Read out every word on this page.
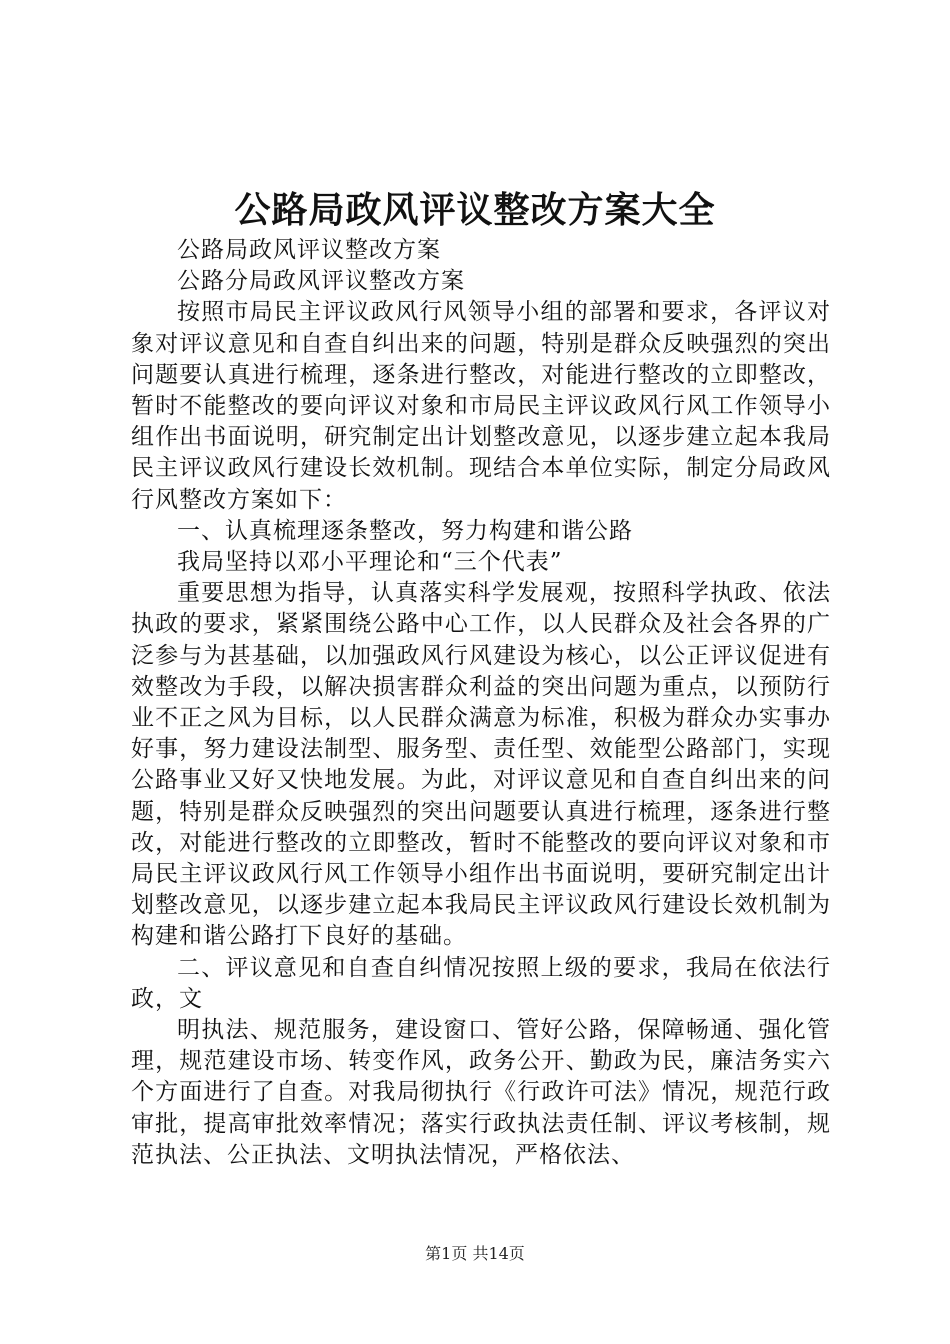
公路局政风评议整改方案大全

公路局政风评议整改方案

公路分局政风评议整改方案

按照市局民主评议政风行风领导小组的部署和要求，各评议对象对评议意见和自查自纠出来的问题，特别是群众反映强烈的突出问题要认真进行梳理，逐条进行整改，对能进行整改的立即整改，暂时不能整改的要向评议对象和市局民主评议政风行风工作领导小组作出书面说明，研究制定出计划整改意见，以逐步建立起本我局民主评议政风行建设长效机制。现结合本单位实际，制定分局政风行风整改方案如下：

一、认真梳理逐条整改，努力构建和谐公路

我局坚持以邓小平理论和“三个代表”

重要思想为指导，认真落实科学发展观，按照科学执政、依法执政的要求，紧紧围绕公路中心工作，以人民群众及社会各界的广泛参与为甚基础，以加强政风行风建设为核心，以公正评议促进有效整改为手段，以解决损害群众利益的突出问题为重点，以预防行业不正之风为目标，以人民群众满意为标准，积极为群众办实事办好事，努力建设法制型、服务型、责任型、效能型公路部门，实现公路事业又好又快地发展。为此，对评议意见和自查自纠出来的问题，特别是群众反映强烈的突出问题要认真进行梳理，逐条进行整改，对能进行整改的立即整改，暂时不能整改的要向评议对象和市局民主评议政风行风工作领导小组作出书面说明，要研究制定出计划整改意见，以逐步建立起本我局民主评议政风行建设长效机制为构建和谐公路打下良好的基础。

二、评议意见和自查自纠情况按照上级的要求，我局在依法行政，文

明执法、规范服务，建设窗口、管好公路，保障畅通、强化管理，规范建设市场、转变作风，政务公开、勤政为民，廉洁务实六个方面进行了自查。对我局彻执行《行政许可法》情况，规范行政审批，提高审批效率情况；落实行政执法责任制、评议考核制，规范执法、公正执法、文明执法情况，严格依法、

第1页 共14页
